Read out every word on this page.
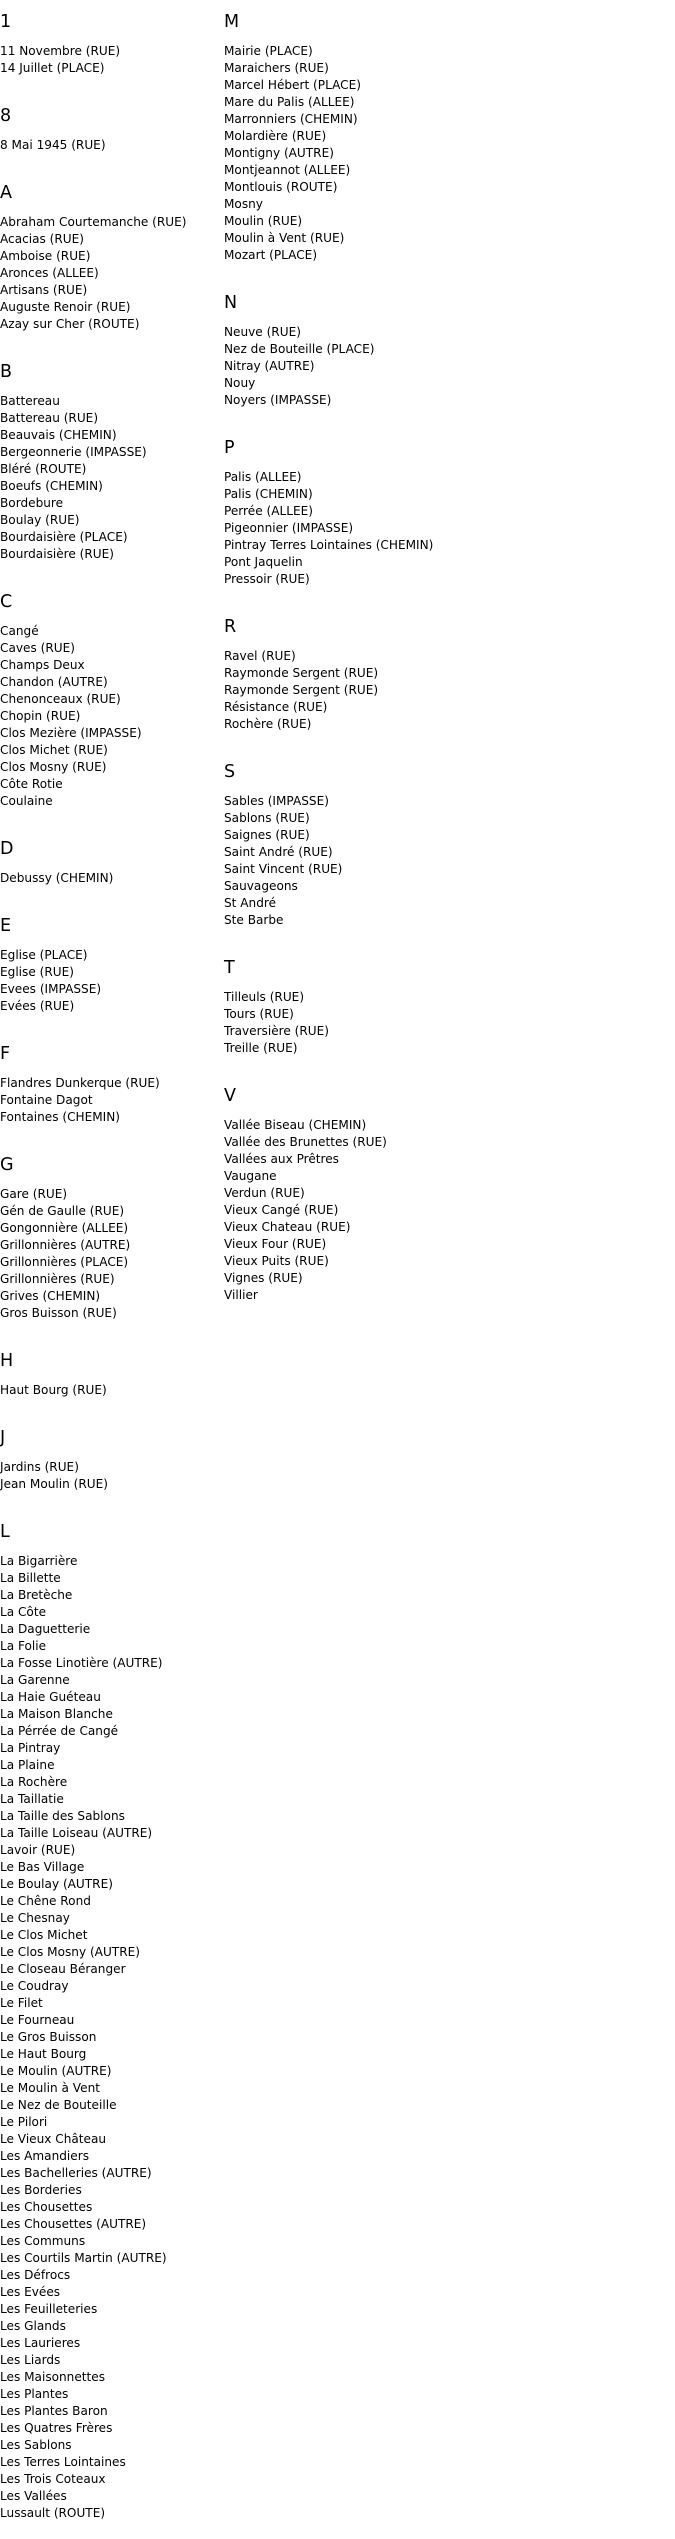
1
11 Novembre (RUE)
14 Juillet (PLACE)
8
8 Mai 1945 (RUE)
A
Abraham Courtemanche (RUE)
Acacias (RUE)
Amboise (RUE)
Aronces (ALLEE)
Artisans (RUE)
Auguste Renoir (RUE)
Azay sur Cher (ROUTE)
B
Battereau
Battereau (RUE)
Beauvais (CHEMIN)
Bergeonnerie (IMPASSE)
Bléré (ROUTE)
Boeufs (CHEMIN)
Bordebure
Boulay (RUE)
Bourdaisière (PLACE)
Bourdaisière (RUE)
C
Cangé
Caves (RUE)
Champs Deux
Chandon (AUTRE)
Chenonceaux (RUE)
Chopin (RUE)
Clos Mezière (IMPASSE)
Clos Michet (RUE)
Clos Mosny (RUE)
Côte Rotie
Coulaine
D
Debussy (CHEMIN)
E
Eglise (PLACE)
Eglise (RUE)
Evees (IMPASSE)
Evées (RUE)
F
Flandres Dunkerque (RUE)
Fontaine Dagot
Fontaines (CHEMIN)
G
Gare (RUE)
Gén de Gaulle (RUE)
Gongonnière (ALLEE)
Grillonnières (AUTRE)
Grillonnières (PLACE)
Grillonnières (RUE)
Grives (CHEMIN)
Gros Buisson (RUE)
H
Haut Bourg (RUE)
J
Jardins (RUE)
Jean Moulin (RUE)
L
La Bigarrière
La Billette
La Bretèche
La Côte
La Daguetterie
La Folie
La Fosse Linotière (AUTRE)
La Garenne
La Haie Guéteau
La Maison Blanche
La Pérrée de Cangé
La Pintray
La Plaine
La Rochère
La Taillatie
La Taille des Sablons
La Taille Loiseau (AUTRE)
Lavoir (RUE)
Le Bas Village
Le Boulay (AUTRE)
Le Chêne Rond
Le Chesnay
Le Clos Michet
Le Clos Mosny (AUTRE)
Le Closeau Béranger
Le Coudray
Le Filet
Le Fourneau
Le Gros Buisson
Le Haut Bourg
Le Moulin (AUTRE)
Le Moulin à Vent
Le Nez de Bouteille
Le Pilori
Le Vieux Château
Les Amandiers
Les Bachelleries (AUTRE)
Les Borderies
Les Chousettes
Les Chousettes (AUTRE)
Les Communs
Les Courtils Martin (AUTRE)
Les Défrocs
Les Evées
Les Feuilleteries
Les Glands
Les Laurieres
Les Liards
Les Maisonnettes
Les Plantes
Les Plantes Baron
Les Quatres Frères
Les Sablons
Les Terres Lointaines
Les Trois Coteaux
Les Vallées
Lussault (ROUTE)
M
Mairie (PLACE)
Maraichers (RUE)
Marcel Hébert (PLACE)
Mare du Palis (ALLEE)
Marronniers (CHEMIN)
Molardière (RUE)
Montigny (AUTRE)
Montjeannot (ALLEE)
Montlouis (ROUTE)
Mosny
Moulin (RUE)
Moulin à Vent (RUE)
Mozart (PLACE)
N
Neuve (RUE)
Nez de Bouteille (PLACE)
Nitray (AUTRE)
Nouy
Noyers (IMPASSE)
P
Palis (ALLEE)
Palis (CHEMIN)
Perrée (ALLEE)
Pigeonnier (IMPASSE)
Pintray Terres Lointaines (CHEMIN)
Pont Jaquelin
Pressoir (RUE)
R
Ravel (RUE)
Raymonde Sergent (RUE)
Raymonde Sergent (RUE)
Résistance (RUE)
Rochère (RUE)
S
Sables (IMPASSE)
Sablons (RUE)
Saignes (RUE)
Saint André (RUE)
Saint Vincent (RUE)
Sauvageons
St André
Ste Barbe
T
Tilleuls (RUE)
Tours (RUE)
Traversière (RUE)
Treille (RUE)
V
Vallée Biseau (CHEMIN)
Vallée des Brunettes (RUE)
Vallées aux Prêtres
Vaugane
Verdun (RUE)
Vieux Cangé (RUE)
Vieux Chateau (RUE)
Vieux Four (RUE)
Vieux Puits (RUE)
Vignes (RUE)
Villier
